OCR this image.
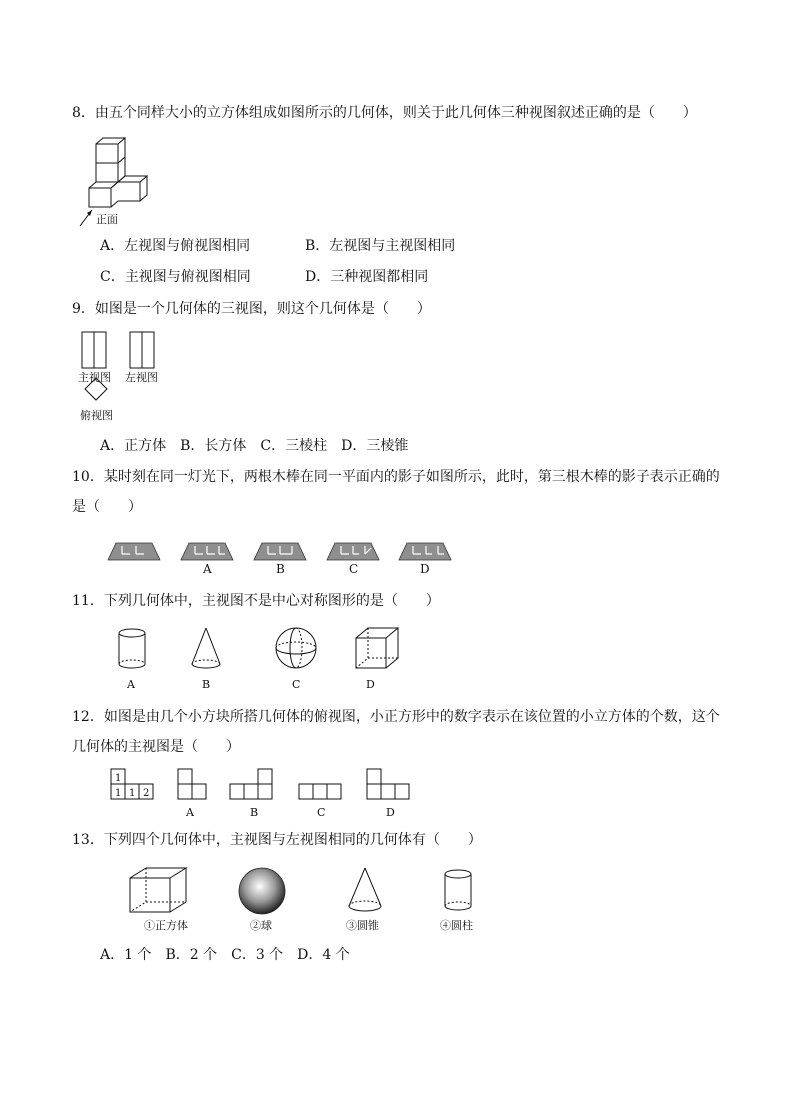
8．由五个同样大小的立方体组成如图所示的几何体，则关于此几何体三种视图叙述正确的是（　　）
正面
A．左视图与俯视图相同	B．左视图与主视图相同
C．主视图与俯视图相同	D．三种视图都相同
9．如图是一个几何体的三视图，则这个几何体是（　　）
主视图 左视图
俯视图
A．正方体　B．长方体　C．三棱柱　D．三棱锥
10．某时刻在同一灯光下，两根木棒在同一平面内的影子如图所示，此时，第三根木棒的影子表示正确的
是（　　）
A	B	C	D
11．下列几何体中，主视图不是中心对称图形的是（　　）
A	B	C	D
12．如图是由几个小方块所搭几何体的俯视图，小正方形中的数字表示在该位置的小立方体的个数，这个
几何体的主视图是（　　）
1
1 1 2
A	B	C	D
13．下列四个几何体中，主视图与左视图相同的几何体有（　　）
①正方体	②球	③圆锥	④圆柱
A．1 个　B．2 个　C．3 个　D．4 个
